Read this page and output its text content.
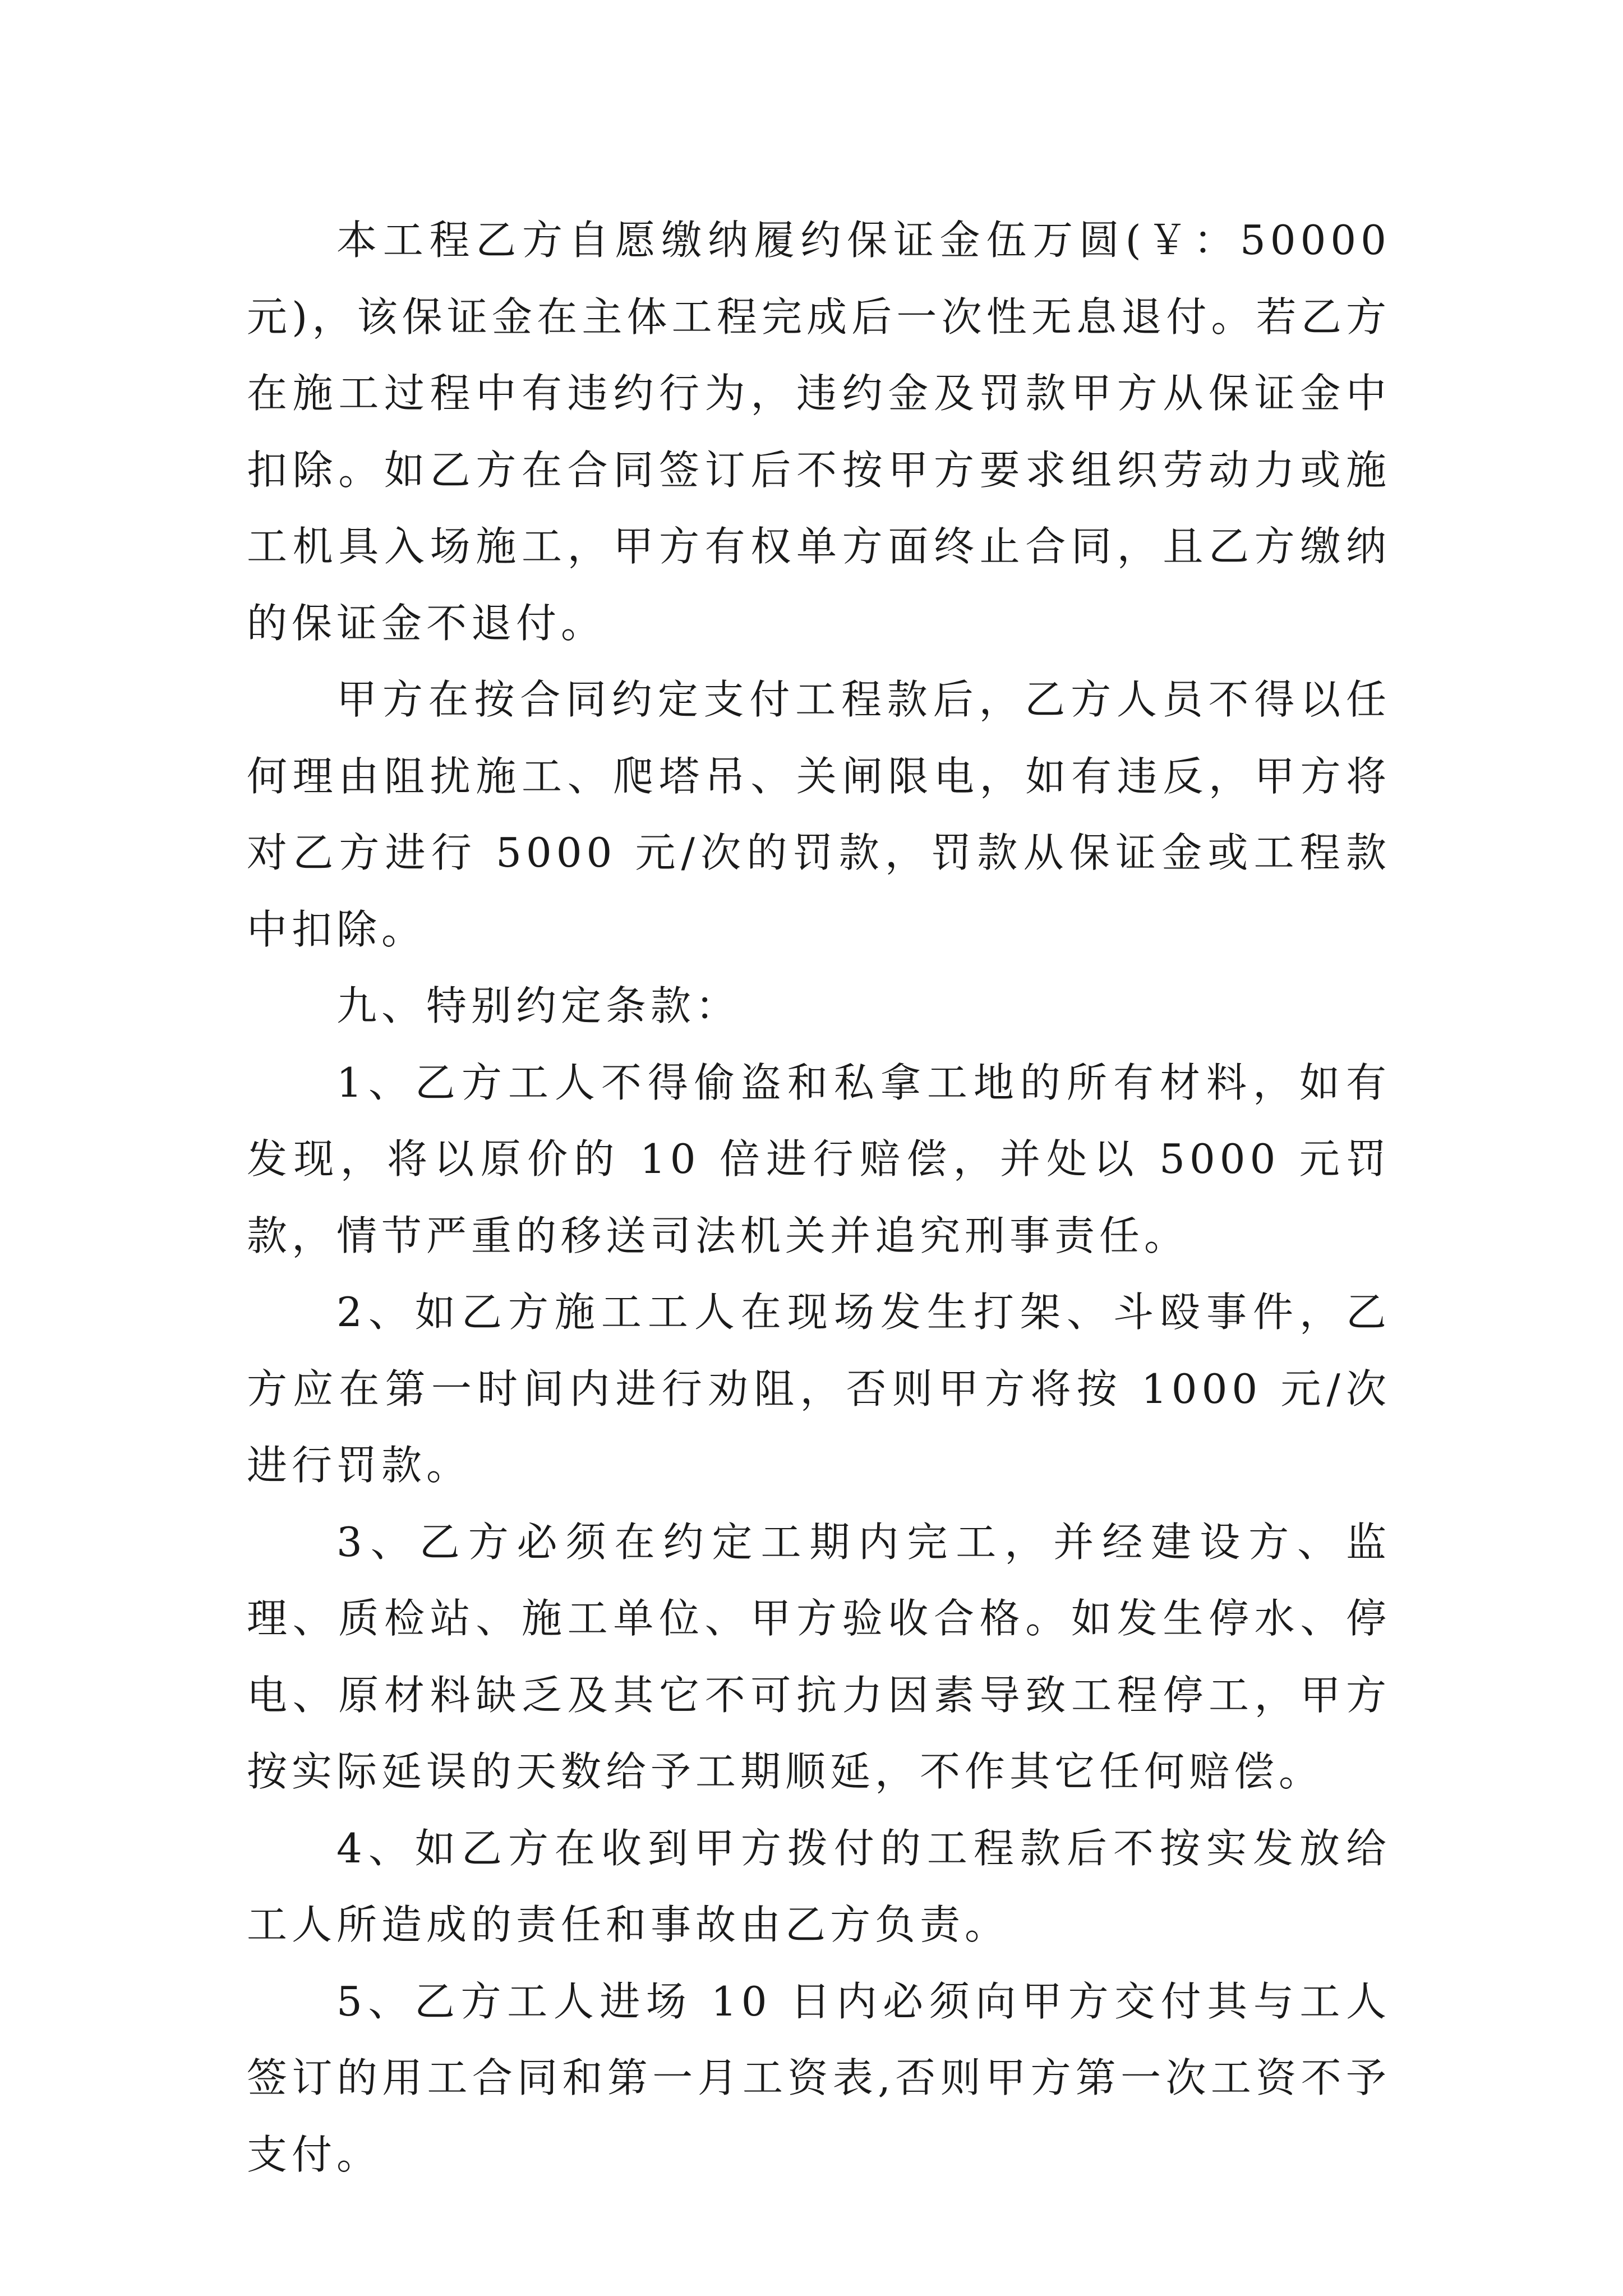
本工程乙方自愿缴纳履约保证金伍万圆(￥：50000 元)，该保证金在主体工程完成后一次性无息退付。若乙方在施工过程中有违约行为，违约金及罚款甲方从保证金中扣除。如乙方在合同签订后不按甲方要求组织劳动力或施工机具入场施工，甲方有权单方面终止合同，且乙方缴纳的保证金不退付。

甲方在按合同约定支付工程款后，乙方人员不得以任何理由阻扰施工、爬塔吊、关闸限电，如有违反，甲方将对乙方进行 5000 元/次的罚款，罚款从保证金或工程款中扣除。

九、特别约定条款：

1、乙方工人不得偷盗和私拿工地的所有材料，如有发现，将以原价的 10 倍进行赔偿，并处以 5000 元罚款，情节严重的移送司法机关并追究刑事责任。

2、如乙方施工工人在现场发生打架、斗殴事件，乙方应在第一时间内进行劝阻，否则甲方将按 1000 元/次进行罚款。

3、乙方必须在约定工期内完工，并经建设方、监理、质检站、施工单位、甲方验收合格。如发生停水、停电、原材料缺乏及其它不可抗力因素导致工程停工，甲方按实际延误的天数给予工期顺延，不作其它任何赔偿。

4、如乙方在收到甲方拨付的工程款后不按实发放给工人所造成的责任和事故由乙方负责。

5、乙方工人进场 10 日内必须向甲方交付其与工人签订的用工合同和第一月工资表,否则甲方第一次工资不予支付。
